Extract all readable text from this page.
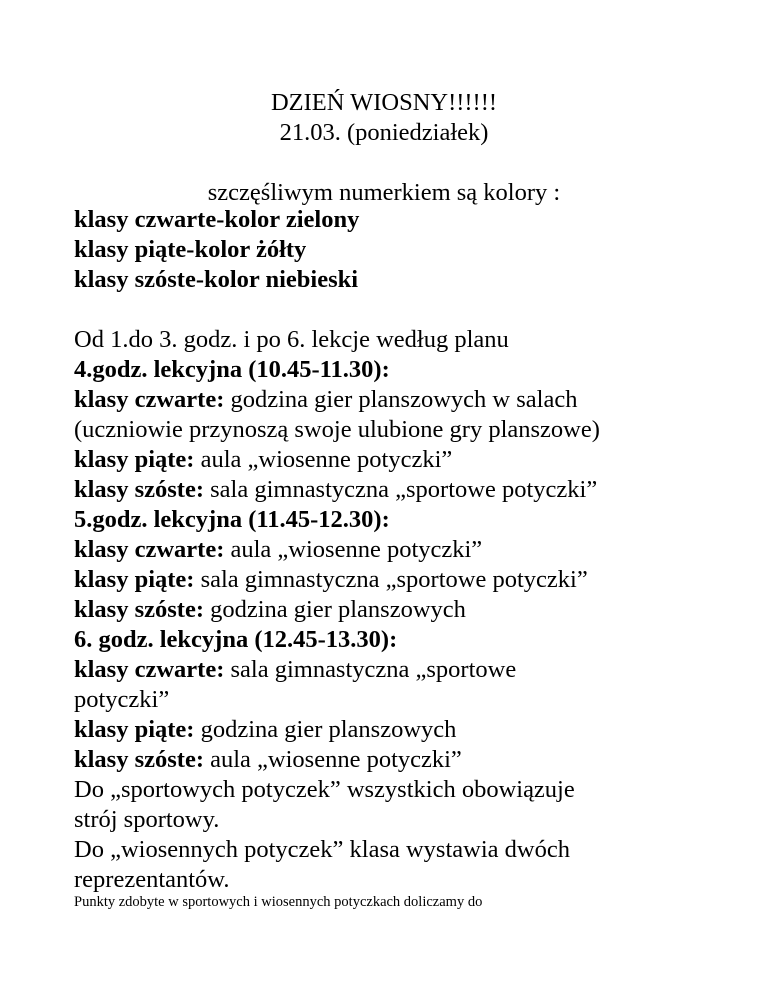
DZIEŃ WIOSNY!!!!!!

21.03. (poniedziałek)

szczęśliwym numerkiem są kolory :

klasy czwarte-kolor zielony

klasy piąte-kolor żółty

klasy szóste-kolor niebieski

Od 1.do 3. godz. i po 6. lekcje według planu

4.godz. lekcyjna (10.45-11.30):

klasy czwarte: godzina gier planszowych w salach

(uczniowie przynoszą swoje ulubione gry planszowe)

klasy piąte: aula „wiosenne potyczki”

klasy szóste: sala gimnastyczna „sportowe potyczki”

5.godz. lekcyjna (11.45-12.30):

klasy czwarte: aula „wiosenne potyczki”

klasy piąte: sala gimnastyczna „sportowe potyczki”

klasy szóste: godzina gier planszowych

6. godz. lekcyjna (12.45-13.30):

klasy czwarte: sala gimnastyczna „sportowe

potyczki”

klasy piąte: godzina gier planszowych

klasy szóste: aula „wiosenne potyczki”

Do „sportowych potyczek” wszystkich obowiązuje

strój sportowy.

Do „wiosennych potyczek” klasa wystawia dwóch

reprezentantów.

Punkty zdobyte w sportowych i wiosennych potyczkach doliczamy do
